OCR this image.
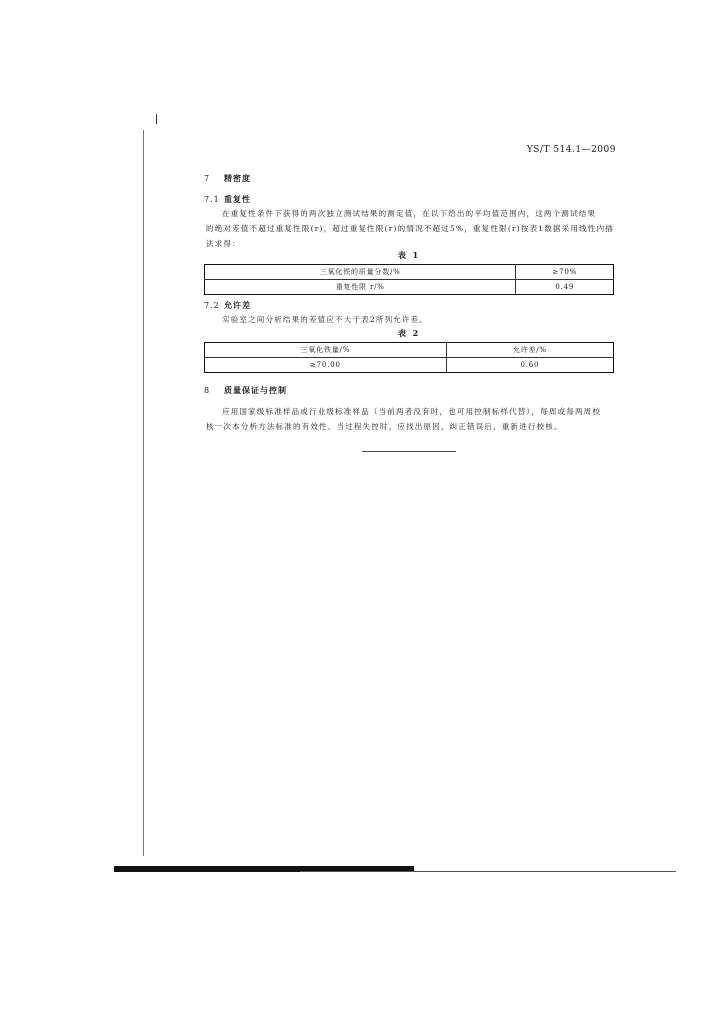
YS/T 514.1—2009
7 精密度
7.1 重复性

在重复性条件下获得的两次独立测试结果的测定值，在以下给出的平均值范围内，这两个测试结果

的绝对差值不超过重复性限(r)，超过重复性限(r)的情况不超过5%，重复性限(r)按表1数据采用线性内插法求得：

表 1
三氧化铁的质量分数/%	≥70%
重复性限 r/%	0.49
7.2 允许差

实验室之间分析结果的差值应不大于表2所列允许差。

表 2
三氧化铁量/%	允许差/%
≥70.00	0.60
8 质量保证与控制

应用国家级标准样品或行业级标准样品（当前两者没有时，也可用控制标样代替），每周或每两周校

核一次本分析方法标准的有效性。当过程失控时，应找出原因，纠正错误后，重新进行校核。
